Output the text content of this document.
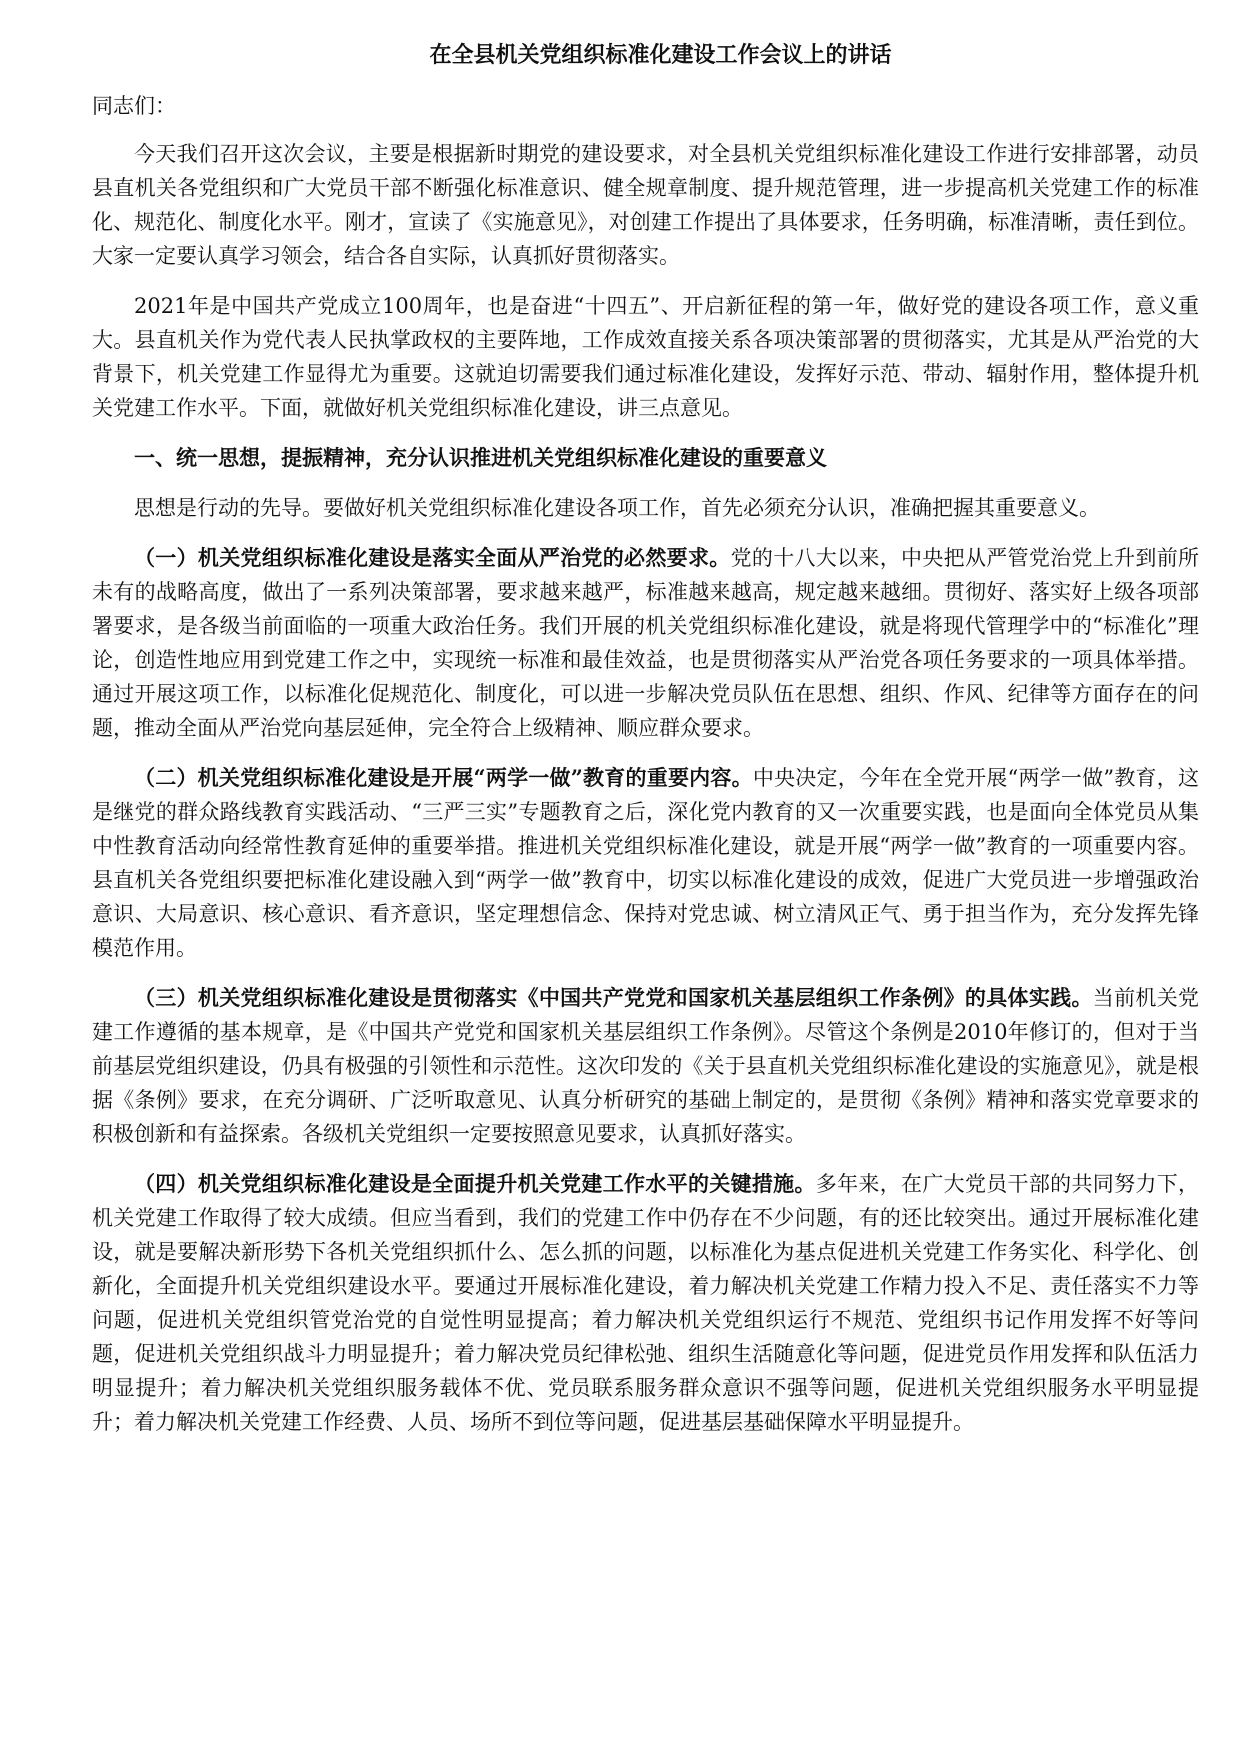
在全县机关党组织标准化建设工作会议上的讲话
同志们：

今天我们召开这次会议，主要是根据新时期党的建设要求，对全县机关党组织标准化建设工作进行安排部署，动员县直机关各党组织和广大党员干部不断强化标准意识、健全规章制度、提升规范管理，进一步提高机关党建工作的标准化、规范化、制度化水平。刚才，宣读了《实施意见》，对创建工作提出了具体要求，任务明确，标准清晰，责任到位。大家一定要认真学习领会，结合各自实际，认真抓好贯彻落实。

2021年是中国共产党成立100周年，也是奋进“十四五”、开启新征程的第一年，做好党的建设各项工作，意义重大。县直机关作为党代表人民执掌政权的主要阵地，工作成效直接关系各项决策部署的贯彻落实，尤其是从严治党的大背景下，机关党建工作显得尤为重要。这就迫切需要我们通过标准化建设，发挥好示范、带动、辐射作用，整体提升机关党建工作水平。下面，就做好机关党组织标准化建设，讲三点意见。

一、统一思想，提振精神，充分认识推进机关党组织标准化建设的重要意义

思想是行动的先导。要做好机关党组织标准化建设各项工作，首先必须充分认识，准确把握其重要意义。

（一）机关党组织标准化建设是落实全面从严治党的必然要求。党的十八大以来，中央把从严管党治党上升到前所未有的战略高度，做出了一系列决策部署，要求越来越严，标准越来越高，规定越来越细。贯彻好、落实好上级各项部署要求，是各级当前面临的一项重大政治任务。我们开展的机关党组织标准化建设，就是将现代管理学中的“标准化”理论，创造性地应用到党建工作之中，实现统一标准和最佳效益，也是贯彻落实从严治党各项任务要求的一项具体举措。通过开展这项工作，以标准化促规范化、制度化，可以进一步解决党员队伍在思想、组织、作风、纪律等方面存在的问题，推动全面从严治党向基层延伸，完全符合上级精神、顺应群众要求。

（二）机关党组织标准化建设是开展“两学一做”教育的重要内容。中央决定，今年在全党开展“两学一做”教育，这是继党的群众路线教育实践活动、“三严三实”专题教育之后，深化党内教育的又一次重要实践，也是面向全体党员从集中性教育活动向经常性教育延伸的重要举措。推进机关党组织标准化建设，就是开展“两学一做”教育的一项重要内容。县直机关各党组织要把标准化建设融入到“两学一做”教育中，切实以标准化建设的成效，促进广大党员进一步增强政治意识、大局意识、核心意识、看齐意识，坚定理想信念、保持对党忠诚、树立清风正气、勇于担当作为，充分发挥先锋模范作用。

（三）机关党组织标准化建设是贯彻落实《中国共产党党和国家机关基层组织工作条例》的具体实践。当前机关党建工作遵循的基本规章，是《中国共产党党和国家机关基层组织工作条例》。尽管这个条例是2010年修订的，但对于当前基层党组织建设，仍具有极强的引领性和示范性。这次印发的《关于县直机关党组织标准化建设的实施意见》，就是根据《条例》要求，在充分调研、广泛听取意见、认真分析研究的基础上制定的，是贯彻《条例》精神和落实党章要求的积极创新和有益探索。各级机关党组织一定要按照意见要求，认真抓好落实。

（四）机关党组织标准化建设是全面提升机关党建工作水平的关键措施。多年来，在广大党员干部的共同努力下，机关党建工作取得了较大成绩。但应当看到，我们的党建工作中仍存在不少问题，有的还比较突出。通过开展标准化建设，就是要解决新形势下各机关党组织抓什么、怎么抓的问题，以标准化为基点促进机关党建工作务实化、科学化、创新化，全面提升机关党组织建设水平。要通过开展标准化建设，着力解决机关党建工作精力投入不足、责任落实不力等问题，促进机关党组织管党治党的自觉性明显提高；着力解决机关党组织运行不规范、党组织书记作用发挥不好等问题，促进机关党组织战斗力明显提升；着力解决党员纪律松弛、组织生活随意化等问题，促进党员作用发挥和队伍活力明显提升；着力解决机关党组织服务载体不优、党员联系服务群众意识不强等问题，促进机关党组织服务水平明显提升；着力解决机关党建工作经费、人员、场所不到位等问题，促进基层基础保障水平明显提升。
